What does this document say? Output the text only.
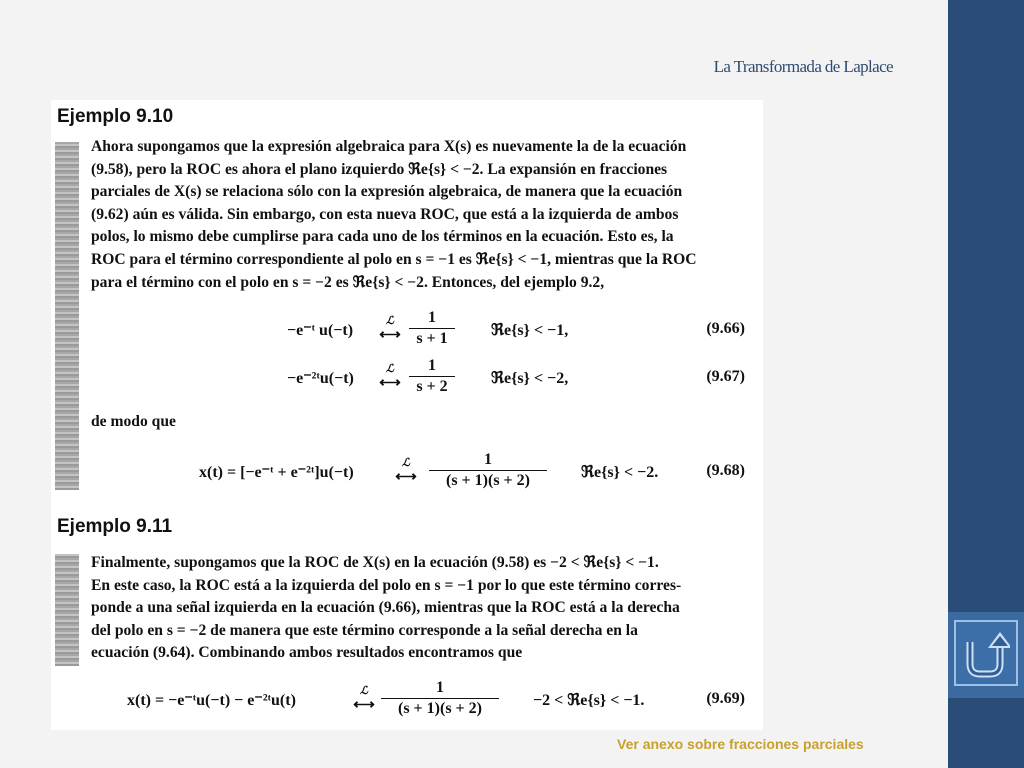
La Transformada de Laplace
Ejemplo 9.10
Ahora supongamos que la expresión algebraica para X(s) es nuevamente la de la ecuación
(9.58), pero la ROC es ahora el plano izquierdo ℜe{s} < −2. La expansión en fracciones
parciales de X(s) se relaciona sólo con la expresión algebraica, de manera que la ecuación
(9.62) aún es válida. Sin embargo, con esta nueva ROC, que está a la izquierda de ambos
polos, lo mismo debe cumplirse para cada uno de los términos en la ecuación. Esto es, la
ROC para el término correspondiente al polo en s = −1 es ℜe{s} < −1, mientras que la ROC
para el término con el polo en s = −2 es ℜe{s} < −2. Entonces, del ejemplo 9.2,
−e⁻ᵗ u(−t)
ℒ
⟷ $\frac{1}{s + 1}$ ℜe{s} < −1,	(9.66)
−e⁻²ᵗu(−t)
ℒ
⟷ $\frac{1}{s + 2}$ ℜe{s} < −2,	(9.67)
de modo que
x(t) = [−e⁻ᵗ + e⁻²ᵗ]u(−t)
ℒ
⟷ $\frac{1}{(s + 1)(s + 2)}$ ℜe{s} < −2.	(9.68)
Ejemplo 9.11
Finalmente, supongamos que la ROC de X(s) en la ecuación (9.58) es −2 < ℜe{s} < −1.
En este caso, la ROC está a la izquierda del polo en s = −1 por lo que este término corres-
ponde a una señal izquierda en la ecuación (9.66), mientras que la ROC está a la derecha
del polo en s = −2 de manera que este término corresponde a la señal derecha en la
ecuación (9.64). Combinando ambos resultados encontramos que
x(t) = −e⁻ᵗu(−t) − e⁻²ᵗu(t)
ℒ
⟷ $\frac{1}{(s + 1)(s + 2)} -2$ < ℜe{s} < −1.	(9.69)
Ver anexo sobre fracciones parciales
